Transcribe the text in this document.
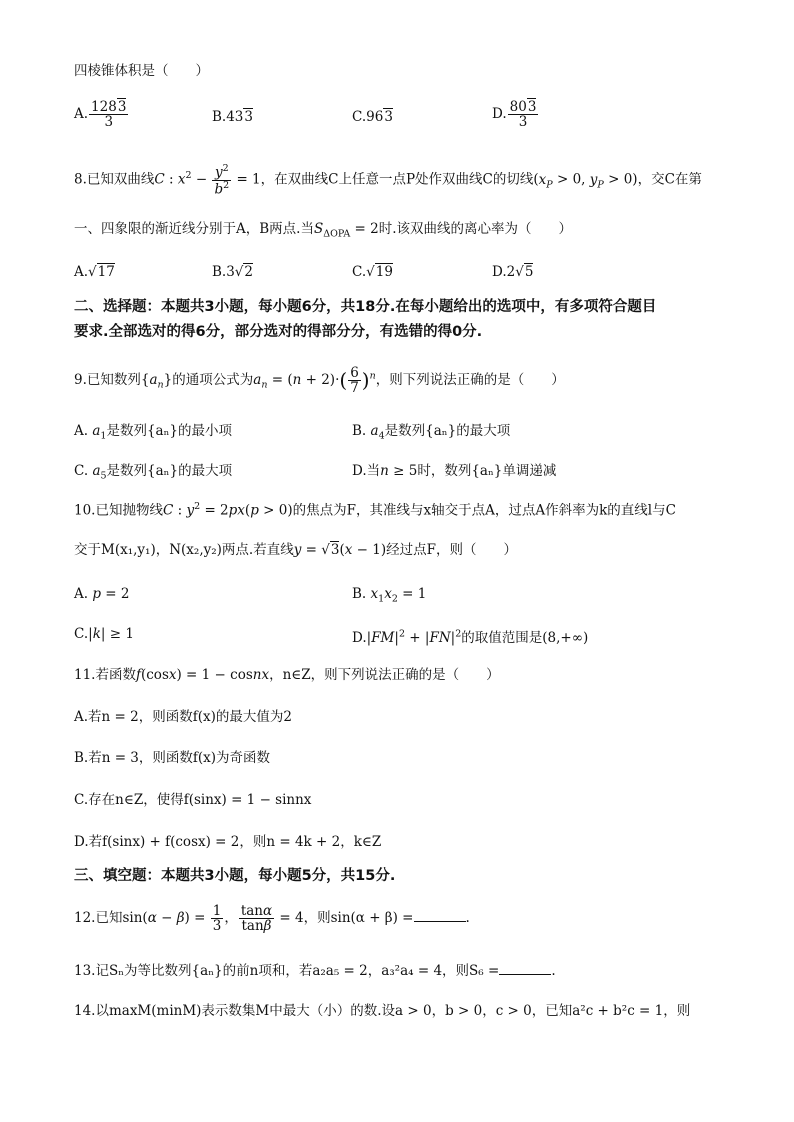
四棱锥体积是（　　）
A. $\frac{1283}{3}$	B.433	C.963	D. $\frac{803}{3}$
8.已知双曲线C : $x^2 - \frac{y^2}{b^2} = 1$，在双曲线C上任意一点P处作双曲线C的切线($x_P > 0$, $y_P > 0$)，交C在第
一、四象限的渐近线分别于A，B两点.当$S_{\Delta OPA} = 2$时.该双曲线的离心率为（　　）
A.√17	B.3√2	C.√19	D.2√5
二、选择题：本题共3小题，每小题6分，共18分.在每小题给出的选项中，有多项符合题目
要求.全部选对的得6分，部分选对的得部分分，有选错的得0分.
9.已知数列$\{a_n\}$的通项公式为$a_n = (n + 2)\cdot( \frac{6}{7} )^n$，则下列说法正确的是（　　）
A. $a_1$是数列{aₙ}的最小项	B. $a_4$是数列{aₙ}的最大项
C. $a_5$是数列{aₙ}的最大项	D.当n ≥ 5时，数列{aₙ}单调递减
10.已知抛物线C : $y^2 = 2px(p > 0)$的焦点为F，其准线与x轴交于点A，过点A作斜率为k的直线l与C
交于M(x₁,y₁)，N(x₂,y₂)两点.若直线y = √3(x − 1)经过点F，则（　　）
A. p = 2	B. $x_1x_2 = 1$
C.|k| ≥ 1	$D.|FM|^2 + |FN|^2$的取值范围是(8,+∞)
11.若函数f(cosx) = 1 − cosnx，n∈Z，则下列说法正确的是（　　）
A.若n = 2，则函数f(x)的最大值为2
B.若n = 3，则函数f(x)为奇函数
C.存在n∈Z，使得f(sinx) = 1 − sinnx
D.若f(sinx) + f(cosx) = 2，则n = 4k + 2，k∈Z
三、填空题：本题共3小题，每小题5分，共15分.
12.已知$\sin(\alpha - \beta) = \frac{1}{3}$ ， $\frac{\tan\alpha}{\tan\beta} = 4$，则sin(α + β) =	.
13.记Sₙ为等比数列{aₙ}的前n项和，若a₂a₅ = 2，a₃²a₄ = 4，则S₆ =	.
14.以maxM(minM)表示数集M中最大（小）的数.设a > 0，b > 0，c > 0，已知a²c + b²c = 1，则
